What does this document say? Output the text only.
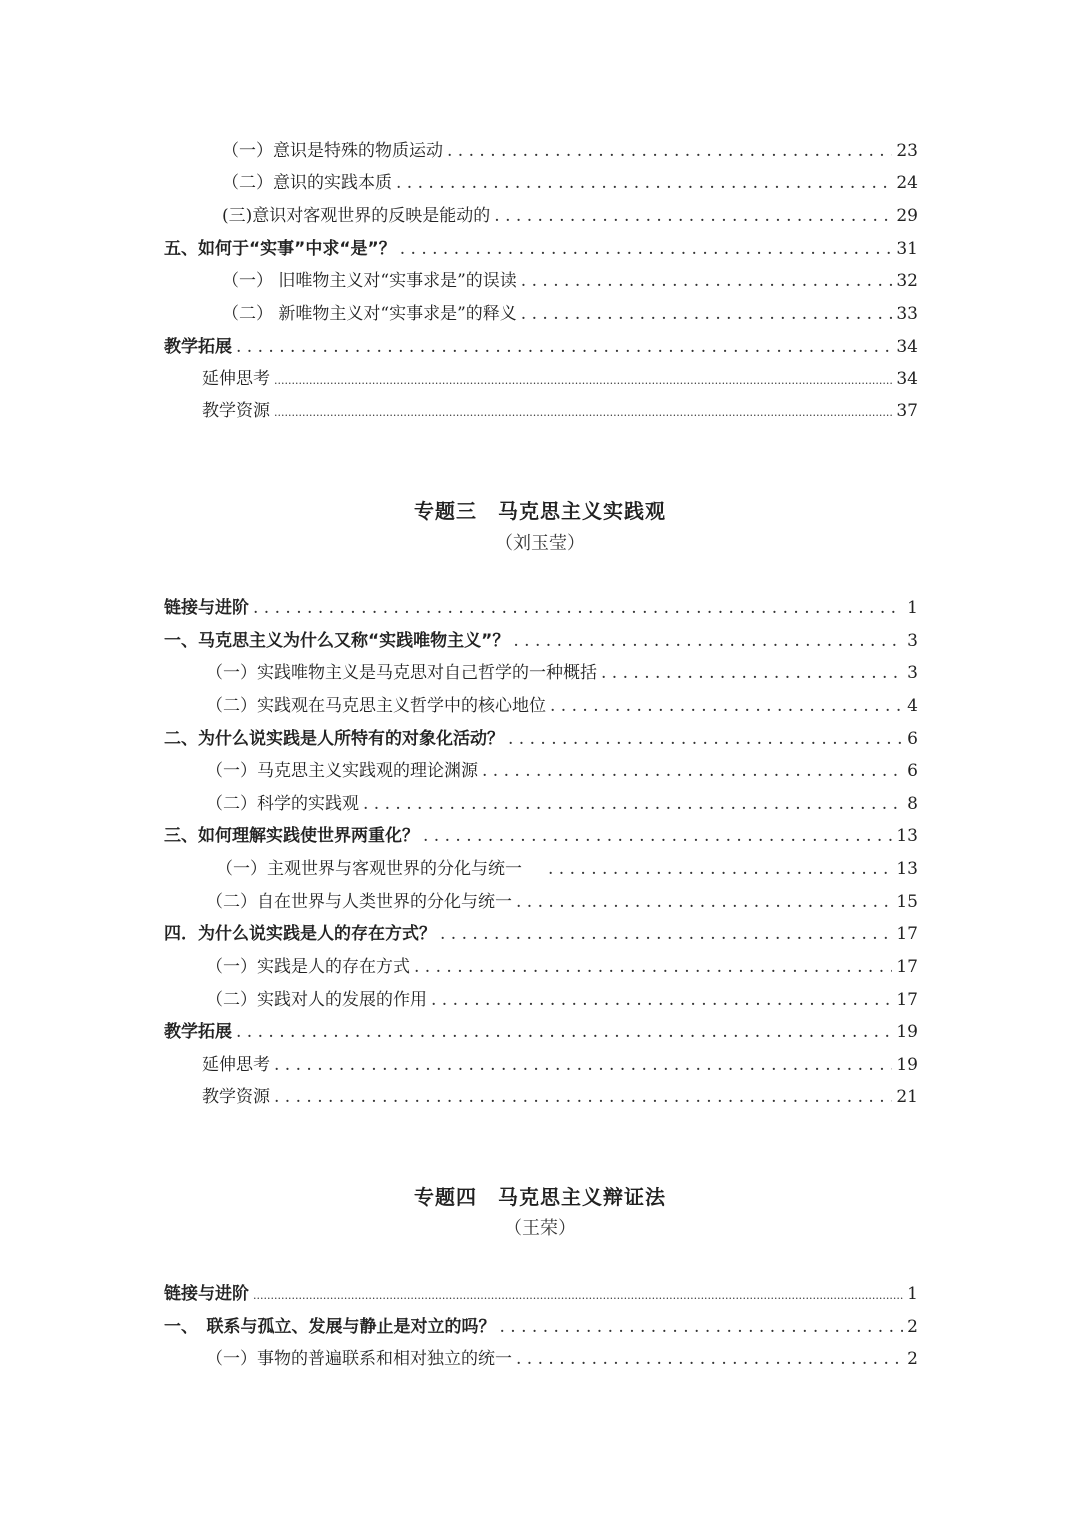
（一）意识是特殊的物质运动 . . .	23
（二）意识的实践本质 . . .	24
(三)意识对客观世界的反映是能动的 . . .	29
五、如何于“实事”中求“是”？ . . .	31
（一） 旧唯物主义对“实事求是”的误读 . . .	32
（二） 新唯物主义对“实事求是”的释义 . . .	33
教学拓展 . . .	34
延伸思考 .....	34
教学资源 .....	37
专题三　马克思主义实践观
（刘玉莹）
链接与进阶 . . .	1
一、马克思主义为什么又称“实践唯物主义”？ . . .	3
（一）实践唯物主义是马克思对自己哲学的一种概括 . . .	3
（二）实践观在马克思主义哲学中的核心地位 . . .	4
二、为什么说实践是人所特有的对象化活动？ . . .	6
（一）马克思主义实践观的理论渊源 . . .	6
（二）科学的实践观 . . .	8
三、如何理解实践使世界两重化？ . . .	13
（一）主观世界与客观世界的分化与统一 . . .	13
（二）自在世界与人类世界的分化与统一 . . .	15
四．为什么说实践是人的存在方式？ . . .	17
（一）实践是人的存在方式 . . .	17
（二）实践对人的发展的作用 . . .	17
教学拓展 . . .	19
延伸思考 . . .	19
教学资源 . . .	21
专题四　马克思主义辩证法
（王荣）
链接与进阶 .....	1
一、　联系与孤立、发展与静止是对立的吗？ . . .	2
（一）事物的普遍联系和相对独立的统一 . . .	2
